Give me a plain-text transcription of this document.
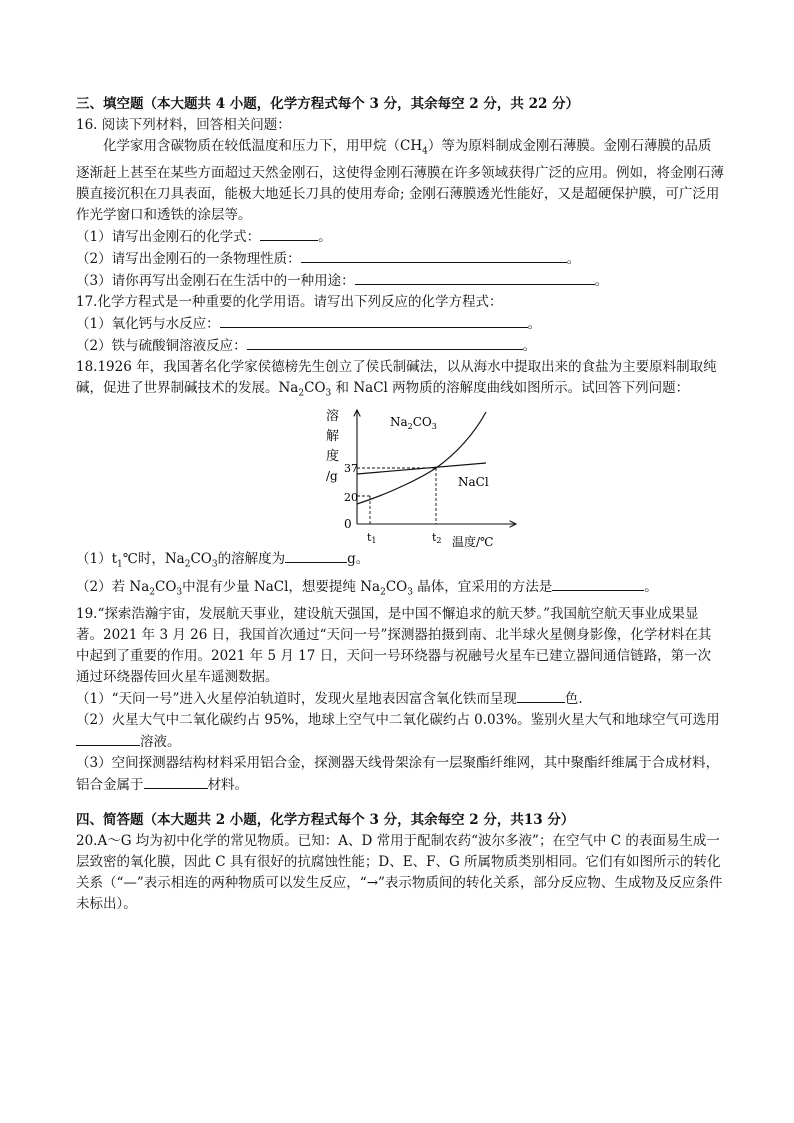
三、填空题（本大题共 4 小题，化学方程式每个 3 分，其余每空 2 分，共 22 分）
16. 阅读下列材料，回答相关问题：
化学家用含碳物质在较低温度和压力下，用甲烷$(CH_4)$等为原料制成金刚石薄膜。金刚石薄膜的品质逐渐赶上甚至在某些方面超过天然金刚石，这使得金刚石薄膜在许多领域获得广泛的应用。例如，将金刚石薄膜直接沉积在刀具表面，能极大地延长刀具的使用寿命; 金刚石薄膜透光性能好，又是超硬保护膜，可广泛用作光学窗口和透铁的涂层等。
（1）请写出金刚石的化学式：	。
（2）请写出金刚石的一条物理性质：	。
（3）请你再写出金刚石在生活中的一种用途：	。
17.化学方程式是一种重要的化学用语。请写出下列反应的化学方程式：
（1）氧化钙与水反应：	。
（2）铁与硫酸铜溶液反应：	。
18.1926 年，我国著名化学家侯德榜先生创立了侯氏制碱法，以从海水中提取出来的食盐为主要原料制取纯碱，促进了世界制碱技术的发展。$Na_2CO_3$ 和 NaCl 两物质的溶解度曲线如图所示。试回答下列问题：
溶
解
度
/g
37
20
0
$Na_2CO_3$
NaCl
t1	t2 温度/℃
$(1)t_1℃$时，$Na_2CO_3$的溶解度为	g。
（2）若 $Na_2CO_3$中混有少量 NaCl，想要提纯 $Na_2CO_3$ 晶体，宜采用的方法是	。
19.“探索浩瀚宇宙，发展航天事业，建设航天强国，是中国不懈追求的航天梦。”我国航空航天事业成果显著。2021 年 3 月 26 日，我国首次通过“天问一号”探测器拍摄到南、北半球火星侧身影像，化学材料在其中起到了重要的作用。2021 年 5 月 17 日，天问一号环绕器与祝融号火星车已建立器间通信链路，第一次通过环绕器传回火星车遥测数据。
（1）“天问一号”进入火星停泊轨道时，发现火星地表因富含氧化铁而呈现	色.
（2）火星大气中二氧化碳约占 95%，地球上空气中二氧化碳约占 0.03%。鉴别火星大气和地球空气可选用溶液。
（3）空间探测器结构材料采用铝合金，探测器天线骨架涂有一层聚酯纤维网，其中聚酯纤维属于合成材料，铝合金属于	材料。
四、简答题（本大题共 2 小题，化学方程式每个 3 分，其余每空 2 分，共13 分）
20.A～G 均为初中化学的常见物质。已知：A、D 常用于配制农药“波尔多液”；在空气中 C 的表面易生成一层致密的氧化膜，因此 C 具有很好的抗腐蚀性能；D、E、F、G 所属物质类别相同。它们有如图所示的转化关系（“—”表示相连的两种物质可以发生反应，“→”表示物质间的转化关系，部分反应物、生成物及反应条件未标出）。
